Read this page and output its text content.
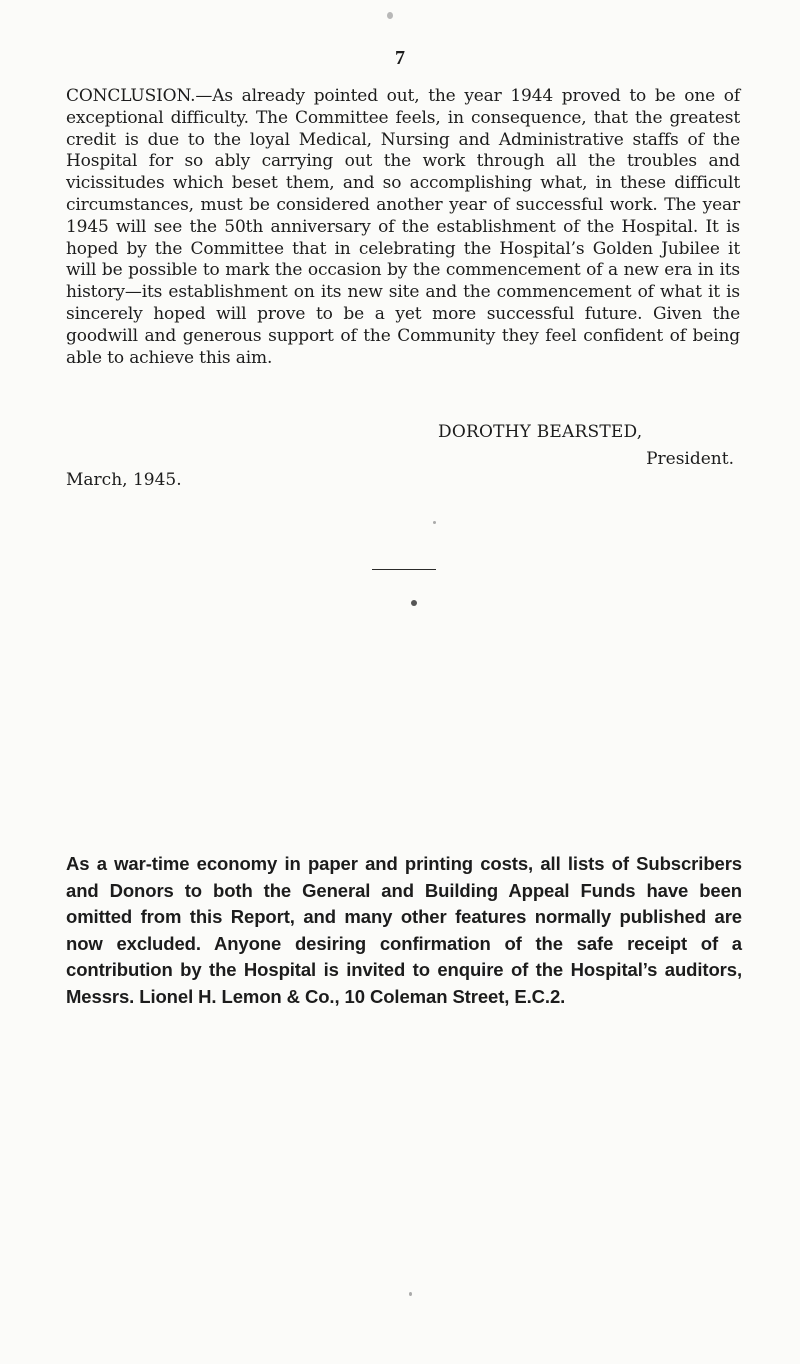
7

CONCLUSION.—As already pointed out, the year 1944 proved to be one of exceptional difficulty. The Committee feels, in consequence, that the greatest credit is due to the loyal Medical, Nursing and Administrative staffs of the Hospital for so ably carrying out the work through all the troubles and vicissitudes which beset them, and so accomplishing what, in these difficult circumstances, must be considered another year of successful work. The year 1945 will see the 50th anniversary of the establishment of the Hospital. It is hoped by the Committee that in celebrating the Hospital’s Golden Jubilee it will be possible to mark the occasion by the commencement of a new era in its history—its establishment on its new site and the commencement of what it is sincerely hoped will prove to be a yet more successful future. Given the goodwill and generous support of the Community they feel confident of being able to achieve this aim.

DOROTHY BEARSTED,
President.
March, 1945.

As a war-time economy in paper and printing costs, all lists of Subscribers and Donors to both the General and Building Appeal Funds have been omitted from this Report, and many other features normally published are now excluded. Anyone desiring confirmation of the safe receipt of a contribution by the Hospital is invited to enquire of the Hospital’s auditors, Messrs. Lionel H. Lemon & Co., 10 Coleman Street, E.C.2.
